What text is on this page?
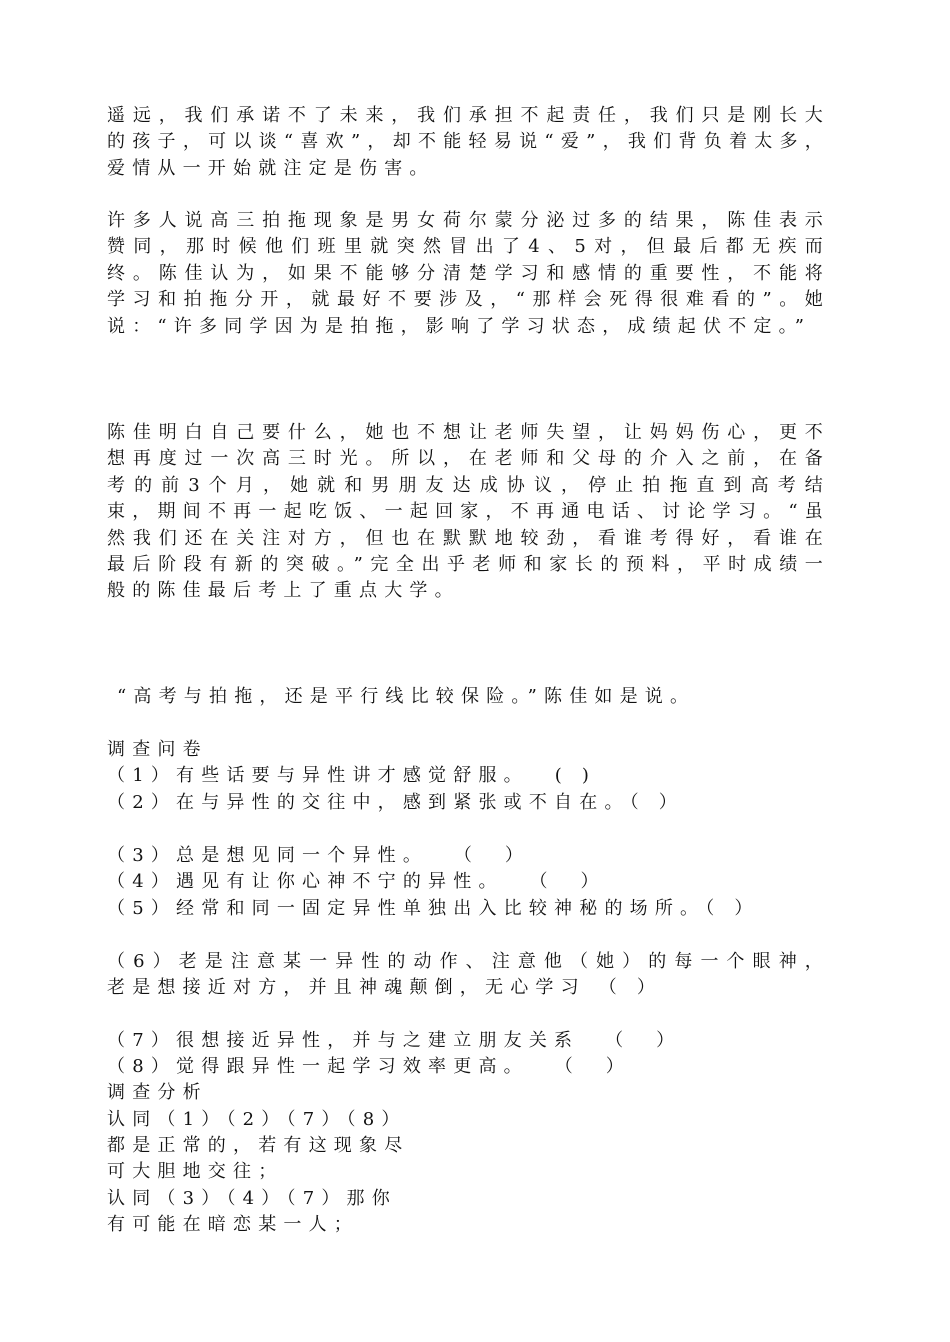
遥远，我们承诺不了未来，我们承担不起责任，我们只是刚长大的孩子，可以谈“喜欢”，却不能轻易说“爱”，我们背负着太多，爱情从一开始就注定是伤害。

许多人说高三拍拖现象是男女荷尔蒙分泌过多的结果，陈佳表示赞同，那时候他们班里就突然冒出了4、5对，但最后都无疾而终。陈佳认为，如果不能够分清楚学习和感情的重要性，不能将学习和拍拖分开，就最好不要涉及，“那样会死得很难看的”。她说：“许多同学因为是拍拖，影响了学习状态，成绩起伏不定。”

陈佳明白自己要什么，她也不想让老师失望，让妈妈伤心，更不想再度过一次高三时光。所以，在老师和父母的介入之前，在备考的前3个月，她就和男朋友达成协议，停止拍拖直到高考结束，期间不再一起吃饭、一起回家，不再通电话、讨论学习。“虽然我们还在关注对方，但也在默默地较劲，看谁考得好，看谁在最后阶段有新的突破。”完全出乎老师和家长的预料，平时成绩一般的陈佳最后考上了重点大学。

“高考与拍拖，还是平行线比较保险。”陈佳如是说。

调查问卷

（1）有些话要与异性讲才感觉舒服。  ( )

（2）在与异性的交往中，感到紧张或不自在。（ ）

（3）总是想见同一个异性。  （  ）

（4）遇见有让你心神不宁的异性。  （  ）

（5）经常和同一固定异性单独出入比较神秘的场所。（ ）

（6）老是注意某一异性的动作、注意他（她）的每一个眼神，老是想接近对方，并且神魂颠倒，无心学习 （ ）

（7）很想接近异性，并与之建立朋友关系  （  ）

（8）觉得跟异性一起学习效率更高。  （  ）

调查分析

认同（1）（2）（7）（8）

都是正常的，若有这现象尽

可大胆地交往；

认同（3）（4）（7）那你

有可能在暗恋某一人；
